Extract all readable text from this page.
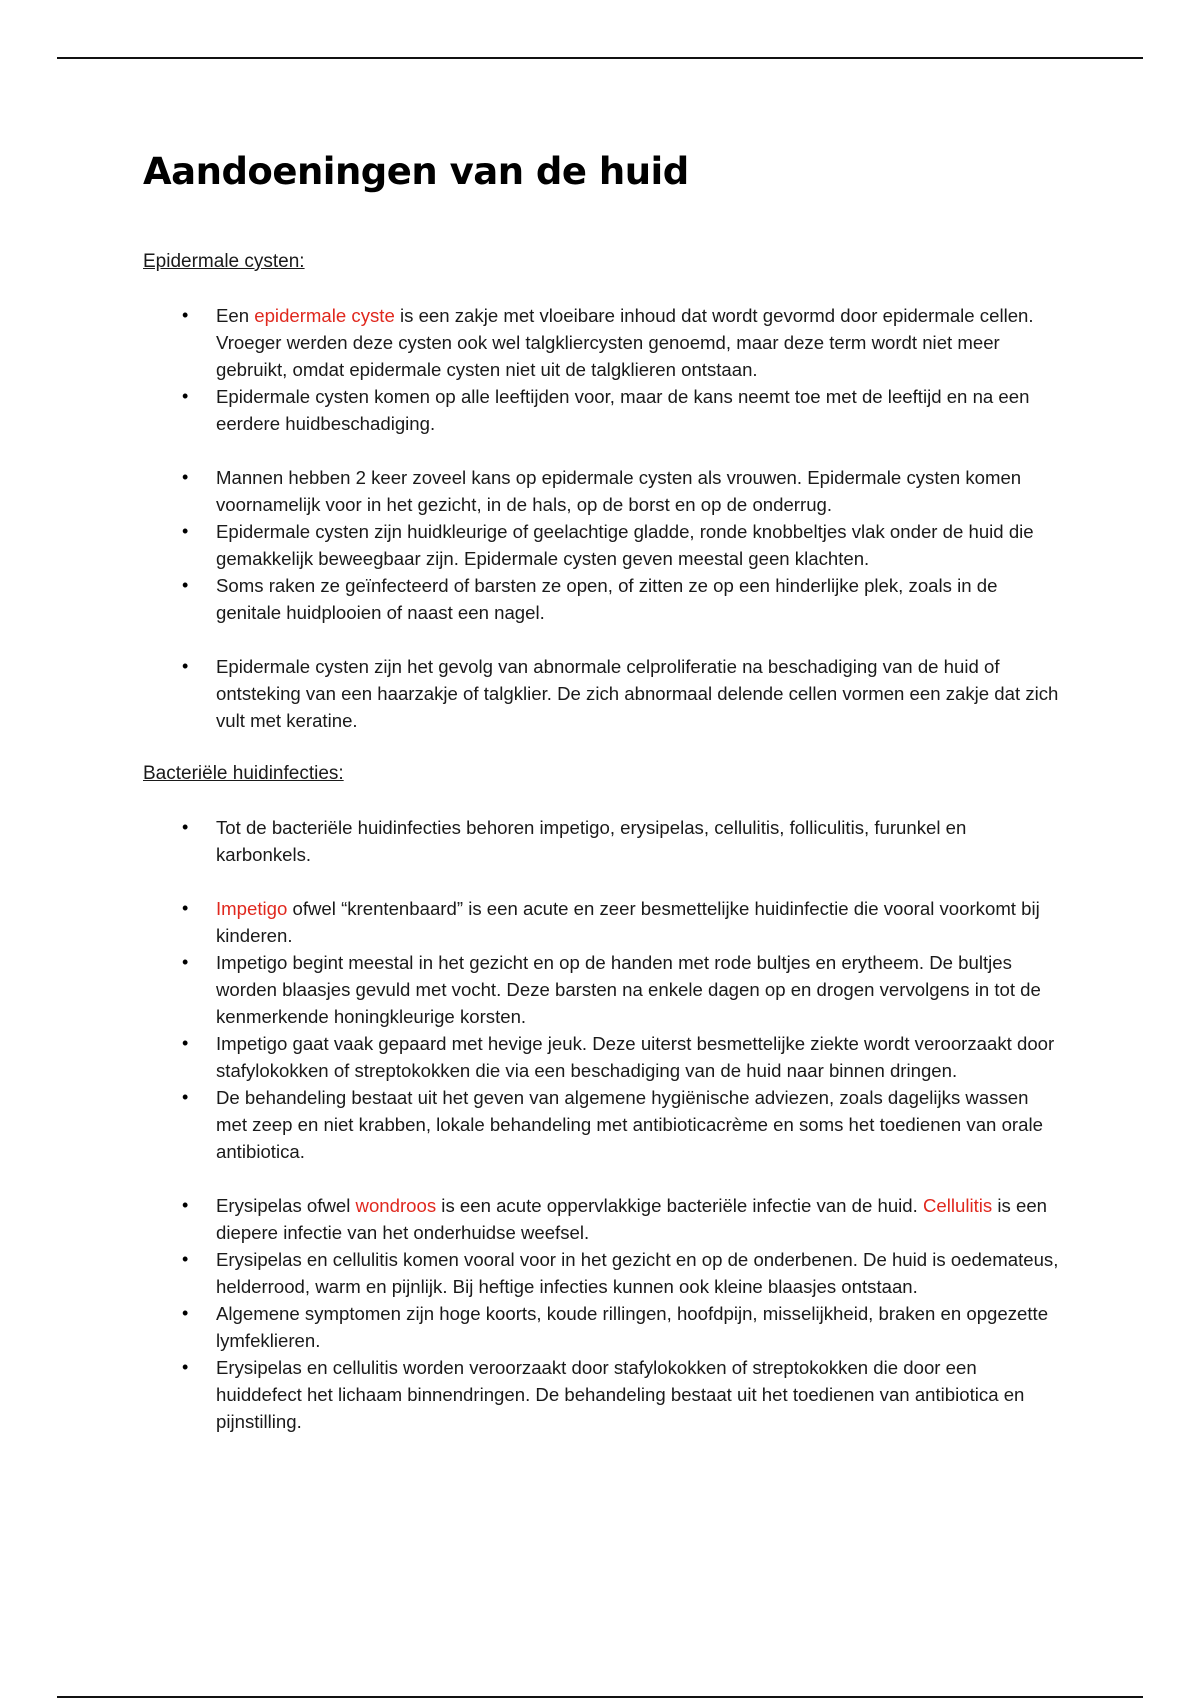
Aandoeningen van de huid
Epidermale cysten:
• Een epidermale cyste is een zakje met vloeibare inhoud dat wordt gevormd door epidermale cellen. Vroeger werden deze cysten ook wel talgkliercysten genoemd, maar deze term wordt niet meer gebruikt, omdat epidermale cysten niet uit de talgklieren ontstaan.
• Epidermale cysten komen op alle leeftijden voor, maar de kans neemt toe met de leeftijd en na een eerdere huidbeschadiging.
• Mannen hebben 2 keer zoveel kans op epidermale cysten als vrouwen. Epidermale cysten komen voornamelijk voor in het gezicht, in de hals, op de borst en op de onderrug.
• Epidermale cysten zijn huidkleurige of geelachtige gladde, ronde knobbeltjes vlak onder de huid die gemakkelijk beweegbaar zijn. Epidermale cysten geven meestal geen klachten.
• Soms raken ze geïnfecteerd of barsten ze open, of zitten ze op een hinderlijke plek, zoals in de genitale huidplooien of naast een nagel.
• Epidermale cysten zijn het gevolg van abnormale celproliferatie na beschadiging van de huid of ontsteking van een haarzakje of talgklier. De zich abnormaal delende cellen vormen een zakje dat zich vult met keratine.
Bacteriële huidinfecties:
• Tot de bacteriële huidinfecties behoren impetigo, erysipelas, cellulitis, folliculitis, furunkel en karbonkels.
• Impetigo ofwel “krentenbaard” is een acute en zeer besmettelijke huidinfectie die vooral voorkomt bij kinderen.
• Impetigo begint meestal in het gezicht en op de handen met rode bultjes en erytheem. De bultjes worden blaasjes gevuld met vocht. Deze barsten na enkele dagen op en drogen vervolgens in tot de kenmerkende honingkleurige korsten.
• Impetigo gaat vaak gepaard met hevige jeuk. Deze uiterst besmettelijke ziekte wordt veroorzaakt door stafylokokken of streptokokken die via een beschadiging van de huid naar binnen dringen.
• De behandeling bestaat uit het geven van algemene hygiënische adviezen, zoals dagelijks wassen met zeep en niet krabben, lokale behandeling met antibioticacrème en soms het toedienen van orale antibiotica.
• Erysipelas ofwel wondroos is een acute oppervlakkige bacteriële infectie van de huid. Cellulitis is een diepere infectie van het onderhuidse weefsel.
• Erysipelas en cellulitis komen vooral voor in het gezicht en op de onderbenen. De huid is oedemateus, helderrood, warm en pijnlijk. Bij heftige infecties kunnen ook kleine blaasjes ontstaan.
• Algemene symptomen zijn hoge koorts, koude rillingen, hoofdpijn, misselijkheid, braken en opgezette lymfeklieren.
• Erysipelas en cellulitis worden veroorzaakt door stafylokokken of streptokokken die door een huiddefect het lichaam binnendringen. De behandeling bestaat uit het toedienen van antibiotica en pijnstilling.
